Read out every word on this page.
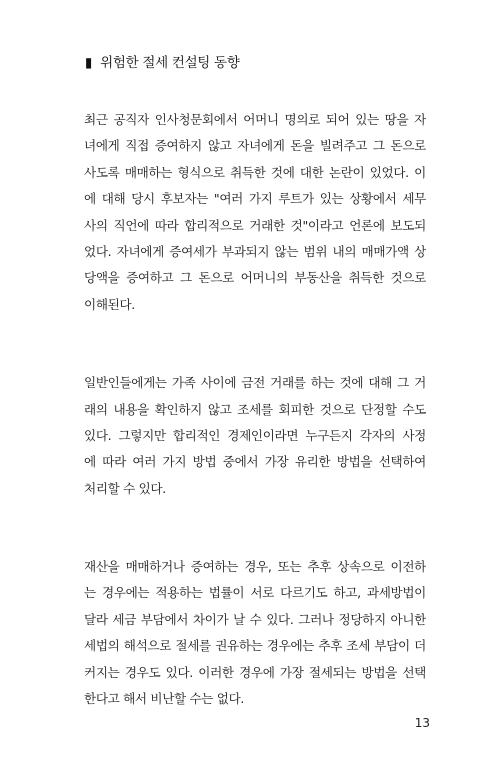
▮ 위험한 절세 컨설팅 동향
최근 공직자 인사청문회에서 어머니 명의로 되어 있는 땅을 자
녀에게 직접 증여하지 않고 자녀에게 돈을 빌려주고 그 돈으로
사도록 매매하는 형식으로 취득한 것에 대한 논란이 있었다. 이
에 대해 당시 후보자는 "여러 가지 루트가 있는 상황에서 세무
사의 직언에 따라 합리적으로 거래한 것"이라고 언론에 보도되
었다. 자녀에게 증여세가 부과되지 않는 범위 내의 매매가액 상
당액을 증여하고 그 돈으로 어머니의 부동산을 취득한 것으로
이해된다.
일반인들에게는 가족 사이에 금전 거래를 하는 것에 대해 그 거
래의 내용을 확인하지 않고 조세를 회피한 것으로 단정할 수도
있다. 그렇지만 합리적인 경제인이라면 누구든지 각자의 사정
에 따라 여러 가지 방법 중에서 가장 유리한 방법을 선택하여
처리할 수 있다.
재산을 매매하거나 증여하는 경우, 또는 추후 상속으로 이전하
는 경우에는 적용하는 법률이 서로 다르기도 하고, 과세방법이
달라 세금 부담에서 차이가 날 수 있다. 그러나 정당하지 아니한
세법의 해석으로 절세를 권유하는 경우에는 추후 조세 부담이 더
커지는 경우도 있다. 이러한 경우에 가장 절세되는 방법을 선택
한다고 해서 비난할 수는 없다.
13
